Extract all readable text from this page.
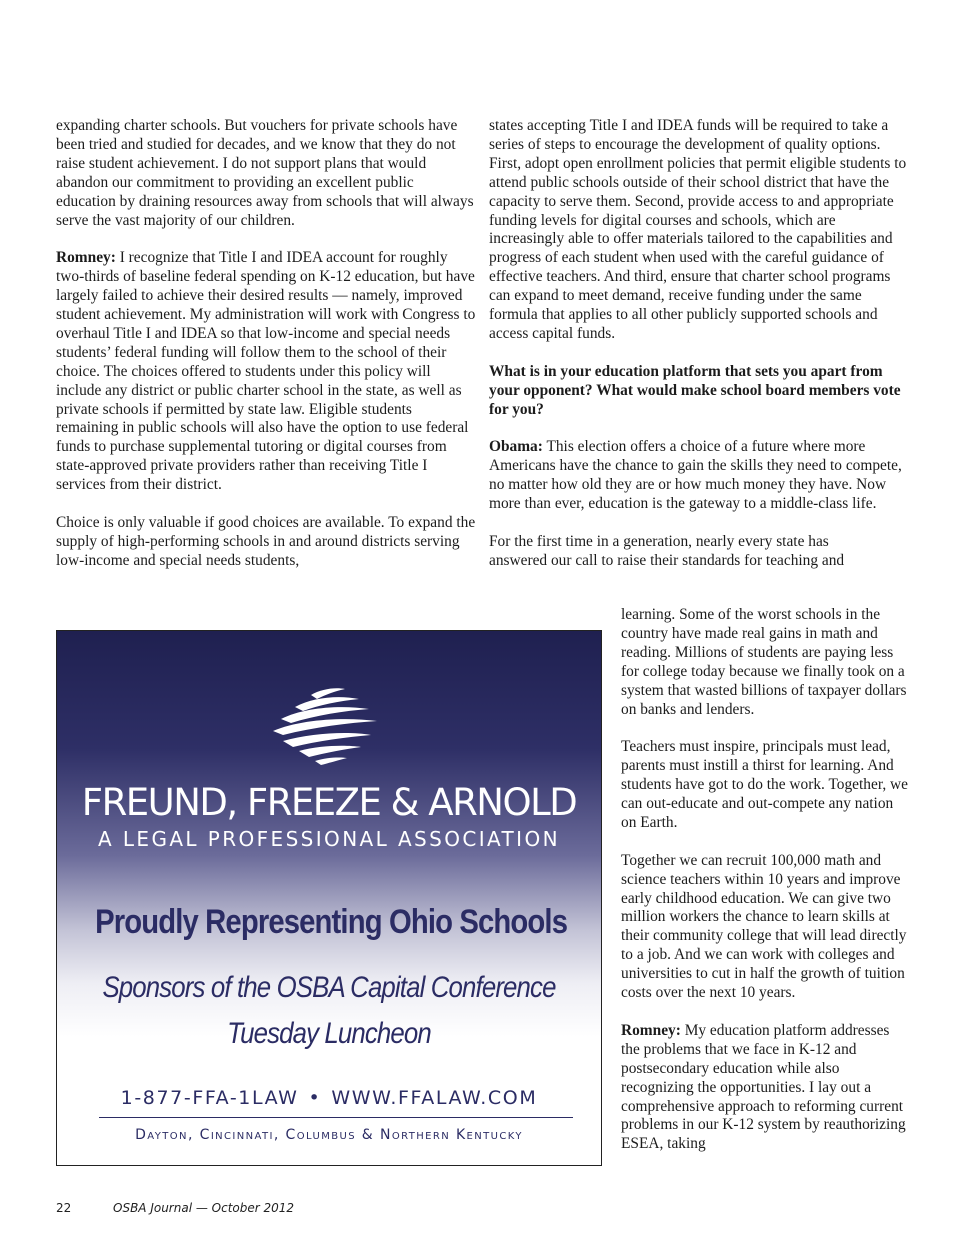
expanding charter schools. But vouchers for private schools have been tried and studied for decades, and we know that they do not raise student achievement. I do not support plans that would abandon our commitment to providing an excellent public education by draining resources away from schools that will always serve the vast majority of our children.

Romney: I recognize that Title I and IDEA account for roughly two-thirds of baseline federal spending on K-12 education, but have largely failed to achieve their desired results — namely, improved student achievement. My administration will work with Congress to overhaul Title I and IDEA so that low-income and special needs students’ federal funding will follow them to the school of their choice. The choices offered to students under this policy will include any district or public charter school in the state, as well as private schools if permitted by state law. Eligible students remaining in public schools will also have the option to use federal funds to purchase supplemental tutoring or digital courses from state-approved private providers rather than receiving Title I services from their district.

Choice is only valuable if good choices are available. To expand the supply of high-performing schools in and around districts serving low-income and special needs students,

states accepting Title I and IDEA funds will be required to take a series of steps to encourage the development of quality options. First, adopt open enrollment policies that permit eligible students to attend public schools outside of their school district that have the capacity to serve them. Second, provide access to and appropriate funding levels for digital courses and schools, which are increasingly able to offer materials tailored to the capabilities and progress of each student when used with the careful guidance of effective teachers. And third, ensure that charter school programs can expand to meet demand, receive funding under the same formula that applies to all other publicly supported schools and access capital funds.

What is in your education platform that sets you apart from your opponent? What would make school board members vote for you?

Obama: This election offers a choice of a future where more Americans have the chance to gain the skills they need to compete, no matter how old they are or how much money they have. Now more than ever, education is the gateway to a middle-class life.

For the first time in a generation, nearly every state has
answered our call to raise their standards for teaching and

learning. Some of the worst schools in the country have made real gains in math and reading. Millions of students are paying less for college today because we finally took on a system that wasted billions of taxpayer dollars on banks and lenders.

Teachers must inspire, principals must lead, parents must instill a thirst for learning. And students have got to do the work. Together, we can out-educate and out-compete any nation on Earth.

Together we can recruit 100,000 math and science teachers within 10 years and improve early childhood education. We can give two million workers the chance to learn skills at their community college that will lead directly to a job. And we can work with colleges and universities to cut in half the growth of tuition costs over the next 10 years.

Romney: My education platform addresses the problems that we face in K-12 and postsecondary education while also recognizing the opportunities. I lay out a comprehensive approach to reforming current problems in our K-12 system by reauthorizing ESEA, taking

FREUND, FREEZE & ARNOLD
A LEGAL PROFESSIONAL ASSOCIATION
Proudly Representing Ohio Schools
Sponsors of the OSBA Capital Conference
Tuesday Luncheon
1-877-FFA-1LAW • WWW.FFALAW.COM
Dayton, Cincinnati, Columbus & Northern Kentucky
22	OSBA Journal — October 2012
